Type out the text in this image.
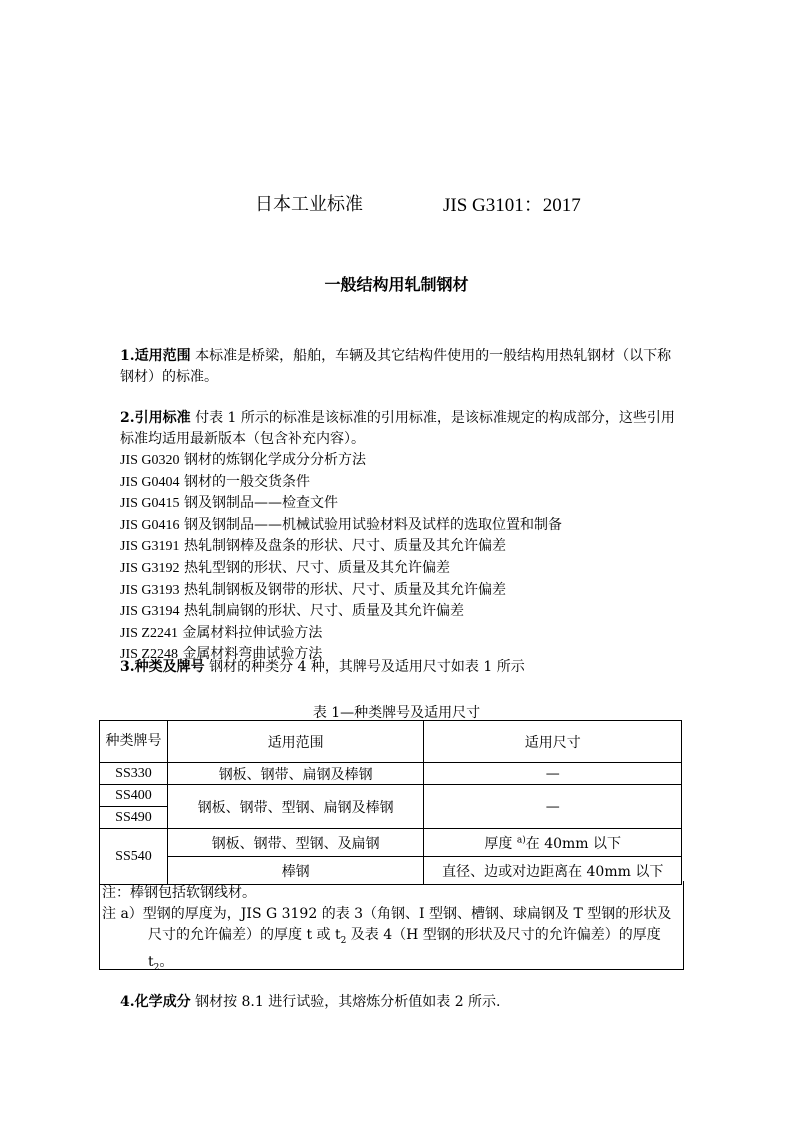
日本工业标准	JIS G3101：2017
一般结构用轧制钢材
1.适用范围 本标准是桥梁，船舶，车辆及其它结构件使用的一般结构用热轧钢材（以下称钢材）的标准。
2.引用标准 付表 1 所示的标准是该标准的引用标准，是该标准规定的构成部分，这些引用标准均适用最新版本（包含补充内容）。
JIS G0320 钢材的炼钢化学成分分析方法
JIS G0404 钢材的一般交货条件
JIS G0415 钢及钢制品——检查文件
JIS G0416 钢及钢制品——机械试验用试验材料及试样的选取位置和制备
JIS G3191 热轧制钢棒及盘条的形状、尺寸、质量及其允许偏差
JIS G3192 热轧型钢的形状、尺寸、质量及其允许偏差
JIS G3193 热轧制钢板及钢带的形状、尺寸、质量及其允许偏差
JIS G3194 热轧制扁钢的形状、尺寸、质量及其允许偏差
JIS Z2241 金属材料拉伸试验方法
JIS Z2248 金属材料弯曲试验方法
3.种类及牌号 钢材的种类分 4 种，其牌号及适用尺寸如表 1 所示
表 1—种类牌号及适用尺寸
种类牌号	适用范围	适用尺寸
SS330	钢板、钢带、扁钢及棒钢	—
SS400	钢板、钢带、型钢、扁钢及棒钢	—
SS490		
SS540	钢板、钢带、型钢、及扁钢	厚度 $^{a)}$在 40mm 以下
	棒钢	直径、边或对边距离在 40mm 以下
注：棒钢包括软钢线材。
注 a）型钢的厚度为，JIS G 3192 的表 3（角钢、I 型钢、槽钢、球扁钢及 T 型钢的形状及尺寸的允许偏差）的厚度 t 或 $t_2$ 及表 4（H 型钢的形状及尺寸的允许偏差）的厚度 $t_2$。
4.化学成分 钢材按 8.1 进行试验，其熔炼分析值如表 2 所示.
